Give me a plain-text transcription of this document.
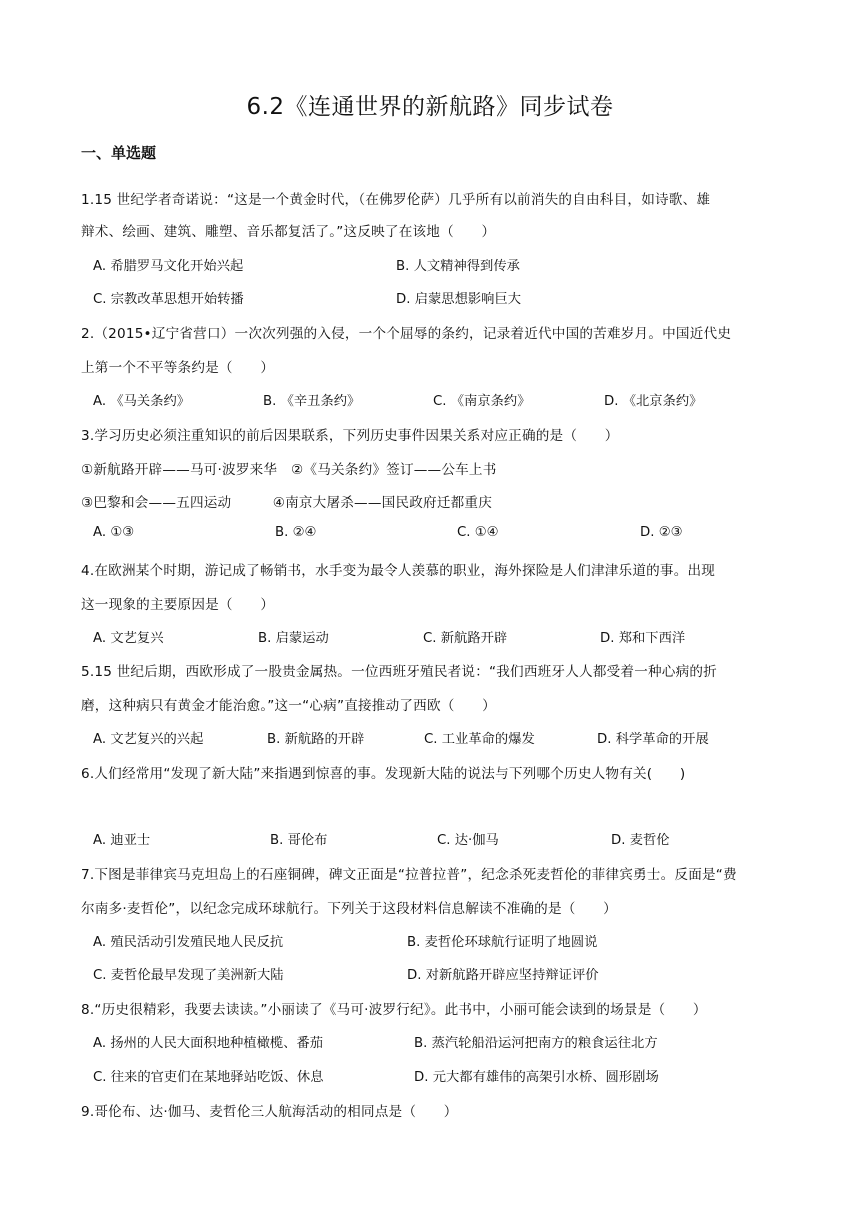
6.2《连通世界的新航路》同步试卷
一、单选题
1.15 世纪学者奇诺说：“这是一个黄金时代，（在佛罗伦萨）几乎所有以前消失的自由科目，如诗歌、雄
辩术、绘画、建筑、雕塑、音乐都复活了。”这反映了在该地（　　）
A. 希腊罗马文化开始兴起	B. 人文精神得到传承
C. 宗教改革思想开始转播	D. 启蒙思想影响巨大
2.（2015•辽宁省营口）一次次列强的入侵，一个个屈辱的条约，记录着近代中国的苦难岁月。中国近代史
上第一个不平等条约是（　　）
A. 《马关条约》	B. 《辛丑条约》	C. 《南京条约》	D. 《北京条约》
3.学习历史必须注重知识的前后因果联系，下列历史事件因果关系对应正确的是（　　）
①新航路开辟——马可·波罗来华　②《马关条约》签订——公车上书
③巴黎和会——五四运动　　　④南京大屠杀——国民政府迁都重庆
A. ①③	B. ②④	C. ①④	D. ②③
4.在欧洲某个时期，游记成了畅销书，水手变为最令人羡慕的职业，海外探险是人们津津乐道的事。出现
这一现象的主要原因是（　　）
A. 文艺复兴	B. 启蒙运动	C. 新航路开辟	D. 郑和下西洋
5.15 世纪后期，西欧形成了一股贵金属热。一位西班牙殖民者说：“我们西班牙人人都受着一种心病的折
磨，这种病只有黄金才能治愈。”这一“心病”直接推动了西欧（　　）
A. 文艺复兴的兴起	B. 新航路的开辟	C. 工业革命的爆发	D. 科学革命的开展
6.人们经常用“发现了新大陆”来指遇到惊喜的事。发现新大陆的说法与下列哪个历史人物有关(　　)
A. 迪亚士	B. 哥伦布	C. 达·伽马	D. 麦哲伦
7.下图是菲律宾马克坦岛上的石座铜碑，碑文正面是“拉普拉普”，纪念杀死麦哲伦的菲律宾勇士。反面是“费
尔南多·麦哲伦”，以纪念完成环球航行。下列关于这段材料信息解读不准确的是（　　）
A. 殖民活动引发殖民地人民反抗	B. 麦哲伦环球航行证明了地圆说
C. 麦哲伦最早发现了美洲新大陆	D. 对新航路开辟应坚持辩证评价
8.“历史很精彩，我要去读读。”小丽读了《马可·波罗行纪》。此书中，小丽可能会读到的场景是（　　）
A. 扬州的人民大面积地种植橄榄、番茄	B. 蒸汽轮船沿运河把南方的粮食运往北方
C. 往来的官吏们在某地驿站吃饭、休息	D. 元大都有雄伟的高架引水桥、圆形剧场
9.哥伦布、达·伽马、麦哲伦三人航海活动的相同点是（　　）
